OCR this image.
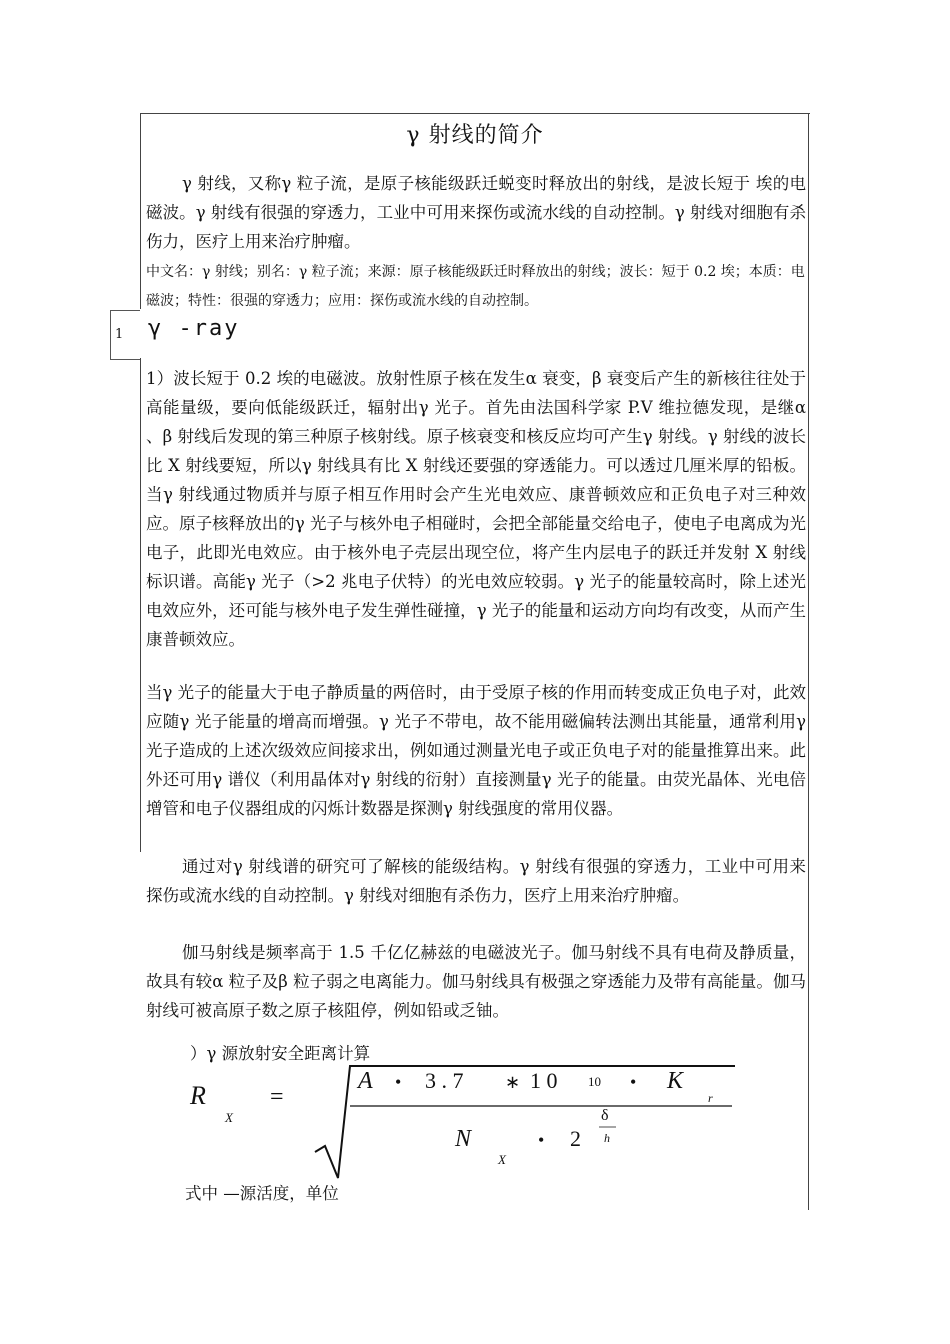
γ 射线的简介
γ 射线，又称γ 粒子流，是原子核能级跃迁蜕变时释放出的射线，是波长短于 埃的电磁波。γ 射线有很强的穿透力，工业中可用来探伤或流水线的自动控制。γ 射线对细胞有杀伤力，医疗上用来治疗肿瘤。
中文名：γ 射线；别名：γ 粒子流；来源：原子核能级跃迁时释放出的射线；波长：短于 0.2 埃；本质：电磁波；特性：很强的穿透力；应用：探伤或流水线的自动控制。
1	γ -ray
1）波长短于 0.2 埃的电磁波。放射性原子核在发生α 衰变，β 衰变后产生的新核往往处于高能量级，要向低能级跃迁，辐射出γ 光子。首先由法国科学家 P.V 维拉德发现，是继α 、β 射线后发现的第三种原子核射线。原子核衰变和核反应均可产生γ 射线。γ 射线的波长比 X 射线要短，所以γ 射线具有比 X 射线还要强的穿透能力。可以透过几厘米厚的铅板。当γ 射线通过物质并与原子相互作用时会产生光电效应、康普顿效应和正负电子对三种效应。原子核释放出的γ 光子与核外电子相碰时，会把全部能量交给电子，使电子电离成为光电子，此即光电效应。由于核外电子壳层出现空位，将产生内层电子的跃迁并发射 X 射线标识谱。高能γ 光子（>2 兆电子伏特）的光电效应较弱。γ 光子的能量较高时，除上述光电效应外，还可能与核外电子发生弹性碰撞，γ 光子的能量和运动方向均有改变，从而产生康普顿效应。
当γ 光子的能量大于电子静质量的两倍时，由于受原子核的作用而转变成正负电子对，此效应随γ 光子能量的增高而增强。γ 光子不带电，故不能用磁偏转法测出其能量，通常利用γ 光子造成的上述次级效应间接求出，例如通过测量光电子或正负电子对的能量推算出来。此外还可用γ 谱仪（利用晶体对γ 射线的衍射）直接测量γ 光子的能量。由荧光晶体、光电倍增管和电子仪器组成的闪烁计数器是探测γ 射线强度的常用仪器。
通过对γ 射线谱的研究可了解核的能级结构。γ 射线有很强的穿透力，工业中可用来探伤或流水线的自动控制。γ 射线对细胞有杀伤力，医疗上用来治疗肿瘤。
伽马射线是频率高于 1.5 千亿亿赫兹的电磁波光子。伽马射线不具有电荷及静质量，故具有较α 粒子及β 粒子弱之电离能力。伽马射线具有极强之穿透能力及带有高能量。伽马射线可被高原子数之原子核阻停，例如铅或乏铀。
）γ 源放射安全距离计算
R
X
=
A • 3 . 7 ∗ 1 0 10 • K
r
N
X
• 2
δ
h
式中 —源活度，单位
